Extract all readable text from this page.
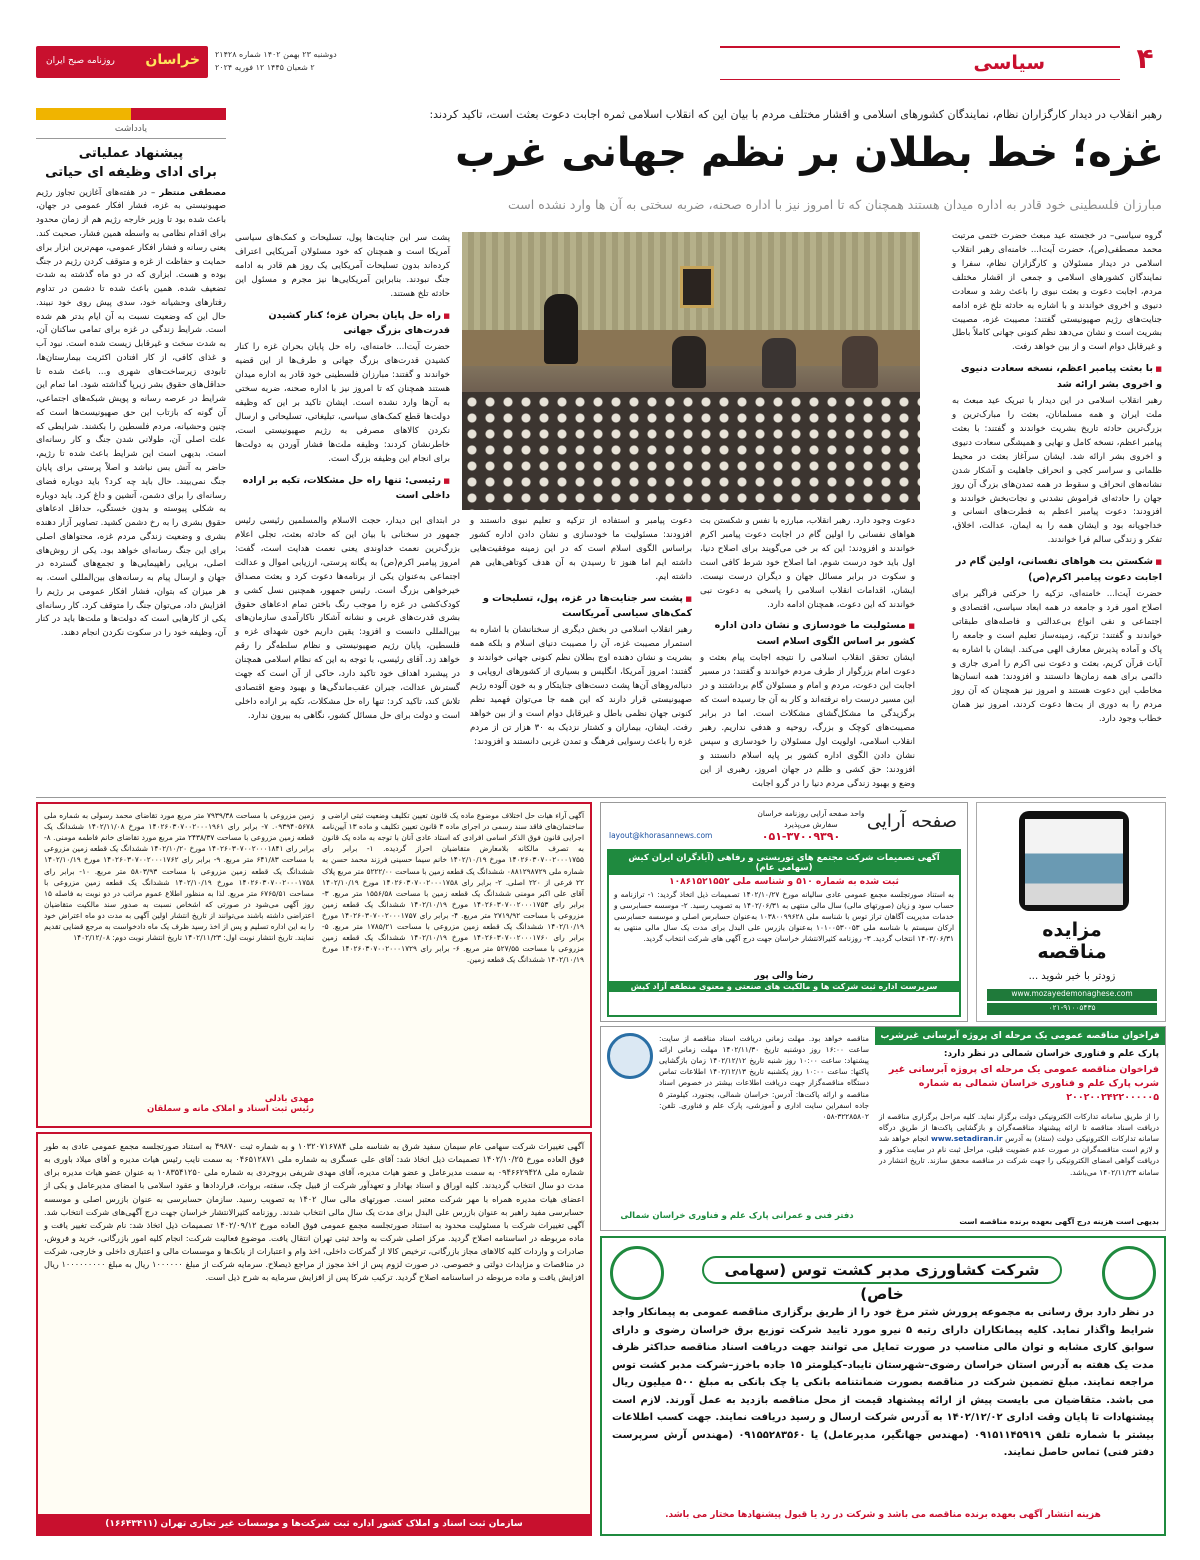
۴
سیاسی
دوشنبه ۲۳ بهمن ۱۴۰۲ شماره ۲۱۴۲۸
۲ شعبان ۱۴۴۵ ۱۲ فوریه ۲۰۲۴
خراسان
روزنامه صبح ایران
رهبر انقلاب در دیدار کارگزاران نظام، نمایندگان کشورهای اسلامی و اقشار مختلف مردم با بیان این که انقلاب اسلامی ثمره اجابت دعوت بعثت است، تاکید کردند:
غزه؛ خط بطلان بر نظم جهانی غرب
مبارزان فلسطینی خود قادر به اداره میدان هستند همچنان که تا امروز نیز با اداره صحنه، ضربه سختی به آن ها وارد نشده است

گروه سیاسی– در خجسته عید مبعث حضرت ختمی مرتبت محمد مصطفی(ص)، حضرت آیت‌ا... خامنه‌ای رهبر انقلاب اسلامی در دیدار مسئولان و کارگزاران نظام، سفرا و نمایندگان کشورهای اسلامی و جمعی از اقشار مختلف مردم، اجابت دعوت و بعثت نبوی را باعث رشد و سعادت دنیوی و اخروی خواندند و با اشاره به حادثه تلخ غزه ادامه جنایت‌های رژیم صهیونیستی گفتند: مصیبت غزه، مصیبت بشریت است و نشان می‌دهد نظم کنونی جهانی کاملاً باطل و غیرقابل دوام است و از بین خواهد رفت.

■ با بعثت پیامبر اعظم، نسخه سعادت دنیوی و اخروی بشر ارائه شد

رهبر انقلاب اسلامی در این دیدار با تبریک عید مبعث به ملت ایران و همه مسلمانان، بعثت را مبارک‌ترین و بزرگ‌ترین حادثه تاریخ بشریت خواندند و گفتند: با بعثت پیامبر اعظم، نسخه کامل و نهایی و همیشگی سعادت دنیوی و اخروی بشر ارائه شد. ایشان سرآغاز بعثت در محیط ظلمانی و سراسر کجی و انحراف جاهلیت و آشکار شدن نشانه‌های انحراف و سقوط در همه تمدن‌های بزرگ آن روز جهان را حادثه‌ای فراموش نشدنی و نجات‌بخش خواندند و افزودند: دعوت پیامبر اعظم به فطرت‌های انسانی و خدا‌جویانه بود و ایشان همه را به ایمان، عدالت، اخلاق، تفکر و زندگی سالم فرا خواندند.

■ شکستن بت هوا‌های نفسانی، اولین گام در اجابت دعوت پیامبر اکرم(ص)

حضرت آیت‌ا... خامنه‌ای، تزکیه را حرکتی فراگیر برای اصلاح امور فرد و جامعه در همه ابعاد سیاسی، اقتصادی و اجتماعی و نفی انواع بی‌عدالتی و فاصله‌های طبقاتی خواندند و گفتند: تزکیه، زمینه‌ساز تعلیم است و جامعه را پاک و آماده پذیرش معارف الهی می‌کند. ایشان با اشاره به آیات قرآن کریم، بعثت و دعوت نبی اکرم را امری جاری و دائمی برای همه زمان‌ها دانستند و افزودند: همه انسان‌ها مخاطب این دعوت هستند و امروز نیز همچنان که آن روز مردم را به دوری از بت‌ها دعوت کردند، امروز نیز همان خطاب وجود دارد.

پشت سر این جنایت‌ها پول، تسلیحات و کمک‌های سیاسی آمریکا است و همچنان که خود مسئولان آمریکایی اعتراف کرده‌اند بدون تسلیحات آمریکایی یک روز هم قادر به ادامه جنگ نبودند. بنابراین آمریکایی‌ها نیز مجرم و مسئول این حادثه تلخ هستند.

■ راه حل پایان بحران غزه؛ کنار کشیدن قدرت‌های بزرگ جهانی

حضرت آیت‌ا... خامنه‌ای، راه حل پایان بحران غزه را کنار کشیدن قدرت‌های بزرگ جهانی و طرف‌ها از این قضیه خواندند و گفتند: مبارزان فلسطینی خود قادر به اداره میدان هستند همچنان که تا امروز نیز با اداره صحنه، ضربه سختی به آن‌ها وارد نشده است. ایشان تاکید بر این که وظیفه دولت‌ها قطع کمک‌های سیاسی، تبلیغاتی، تسلیحاتی و ارسال نکردن کالاهای مصرفی به رژیم صهیونیستی است، خاطرنشان کردند: وظیفه ملت‌ها فشار آوردن به دولت‌ها برای انجام این وظیفه بزرگ است.

■ رئیسی: تنها راه حل مشکلات، تکیه بر اراده داخلی است

دعوت وجود دارد. رهبر انقلاب، مبارزه با نفس و شکستن بت هواهای نفسانی را اولین گام در اجابت دعوت پیامبر اکرم خواندند و افزودند: این که بر خی می‌گویند برای اصلاح دنیا، اول باید خود درست شوم، اما اصلاح خود شرط کافی است و سکوت در برابر مسائل جهان و دیگران درست نیست. ایشان، اقدامات انقلاب اسلامی را پاسخی به دعوت نبی خواندند که این دعوت، همچنان ادامه دارد.

■ مسئولیت ما خودسازی و نشان دادن اداره کشور بر اساس الگوی اسلام است

ایشان تحقق انقلاب اسلامی را نتیجه اجابت پیام بعثت و دعوت امام بزرگوار از طرف مردم خواندند و گفتند: در مسیر اجابت این دعوت، مردم و امام و مسئولان گام برداشتند و در این مسیر درست راه نرفته‌اند و کار به آن جا رسیده است که برگزیدگی ما مشکل‌گشای مشکلات است. اما در برابر مصیبت‌های کوچک و بزرگ، روحیه و هدفی نداریم. رهبر انقلاب اسلامی، اولویت اول مسئولان را خودسازی و سپس نشان دادن الگوی اداره کشور بر پایه اسلام دانستند و افزودند: حق کشی و ظلم در جهان امروز، رهبری از این وضع و بهبود زندگی مردم دنیا را در گرو اجابت

دعوت پیامبر و استفاده از تزکیه و تعلیم نبوی دانستند و افزودند: مسئولیت ما خودسازی و نشان دادن اداره کشور براساس الگوی اسلام است که در این زمینه موفقیت‌هایی داشته ایم اما هنوز تا رسیدن به آن هدف کوتاهی‌هایی هم داشته ایم.

■ پشت سر جنایت‌ها در غزه، پول، تسلیحات و کمک‌های سیاسی آمریکاست

رهبر انقلاب اسلامی در بخش دیگری از سخنانشان با اشاره به استمرار مصیبت غزه، آن را مصیبت دنیای اسلام و بلکه همه بشریت و نشان دهنده اوج بطلان نظم کنونی جهانی خواندند و گفتند: امروز آمریکا، انگلیس و بسیاری از کشورهای اروپایی و دنباله‌روهای آن‌ها پشت دست‌های جنایتکار و به خون آلوده رژیم صهیونیستی قرار دارند که این همه جا می‌توان فهمید نظم کنونی جهان نظمی باطل و غیرقابل دوام است و از بین خواهد رفت. ایشان، بیماران و کشتار نزدیک به ۳۰ هزار تن از مردم غزه را باعث رسوایی فرهنگ و تمدن غربی دانستند و افزودند:

در ابتدای این دیدار، حجت الاسلام والمسلمین رئیسی رئیس جمهور در سخنانی با بیان این که حادثه بعثت، تجلی اعلام بزرگ‌ترین نعمت خداوندی یعنی نعمت هدایت است، گفت: امروز پیامبر اکرم(ص) به یگانه پرستی، ارزیابی اموال و عدالت اجتماعی به‌عنوان یکی از برنامه‌ها دعوت کرد و بعثت مصداق خیرخواهی بزرگ است. رئیس جمهور، همچنین نسل کشی و کودک‌کشی در غزه را موجب رنگ باختن تمام ادعاهای حقوق بشری قدرت‌های غربی و نشانه آشکار ناکارآمدی سازمان‌های بین‌المللی دانست و افزود: یقین داریم خون شهدای غزه و فلسطین، پایان رژیم صهیونیستی و نظام سلطه‌گر را رقم خواهد زد. آقای رئیسی، با توجه به این که نظام اسلامی همچنان در پیشبرد اهداف خود تاکید دارد، حاکی از آن است که جهت گسترش عدالت، جبران عقب‌ماندگی‌ها و بهبود وضع اقتصادی تلاش کند، تاکید کرد: تنها راه حل مشکلات، تکیه بر اراده داخلی است و دولت برای حل مسائل کشور، نگاهی به بیرون ندارد.

یادداشت
پیشنهاد عملیاتی
برای ادای وظیفه ای حیاتی

مصطفی منتظر – در هفته‌های آغازین تجاوز رژیم صهیونیستی به غزه، فشار افکار عمومی در جهان، باعث شده بود تا وزیر خارجه رژیم هم از زمان محدود برای اقدام نظامی به واسطه همین فشار، صحبت کند. یعنی رسانه و فشار افکار عمومی، مهم‌ترین ابزار برای حمایت و حفاظت از غزه و متوقف کردن رژیم در جنگ بوده و هست. ابزاری که در دو ماه گذشته به شدت تضعیف شده. همین باعث شده تا دشمن در تداوم رفتارهای وحشیانه خود، سدی پیش روی خود نبیند. حال این که وضعیت نسبت به آن ایام بدتر هم شده است. شرایط زندگی در غزه برای تمامی ساکنان آن، به شدت سخت و غیرقابل زیست شده است. نبود آب و غذای کافی، از کار افتادن اکثریت بیمارستان‌ها، تابودی زیرساخت‌های شهری و... باعث شده تا حداقل‌های حقوق بشر زیرپا گذاشته شود. اما تمام این شرایط در عرصه رسانه و پویش شبکه‌های اجتماعی، آن گونه که بازتاب این حق صهیونیست‌ها است که چنین وحشیانه، مردم فلسطین را بکشند. شرایطی که علت اصلی آن، طولانی شدن جنگ و کار رسانه‌ای است. بدیهی است این شرایط باعث شده تا رژیم، حاضر به آتش بس نباشد و اصلاً پرستی برای پایان جنگ نمی‌بیند. حال باید چه کرد؟ باید دوباره فضای رسانه‌ای را برای دشمن، آتشین و داغ کرد. باید دوباره به شکلی پیوسته و بدون خستگی، حداقل ادعاهای حقوق بشری را به رخ دشمن کشید. تصاویر آزار دهنده بشری و وضعیت زندگی مردم غزه، محتواهای اصلی برای این جنگ رسانه‌ای خواهد بود. یکی از روش‌های اصلی، برپایی راهپیمایی‌ها و تجمع‌های گسترده در جهان و ارسال پیام به رسانه‌های بین‌المللی است. به هر میزان که بتوان، فشار افکار عمومی بر رژیم را افزایش داد، می‌توان جنگ را متوقف کرد. کار رسانه‌ای یکی از کارهایی است که دولت‌ها و ملت‌ها باید در کنار آن، وظیفه خود را در سکوت نکردن انجام دهند.

مزایده
مناقصه
زودتر با خبر شوید ...
www.mozayedemonaghese.com
۰۲۱-۹۱۰۰۵۴۳۵
صفحه آرایی
واحد صفحه آرایی روزنامه خراسان
سفارش می‌پذیرد
layout@khorasannews.com	۰۵۱-۳۷۰۰۹۳۹۰
آگهی تصمیمات شرکت مجتمع های توریستی و رفاهی (آبادگران ایران کیش (سهامی عام)
ثبت شده به شماره ۵۱۰ و شناسه ملی ۱۰۸۶۱۵۲۱۵۵۲

به استناد صورتجلسه مجمع عمومی عادی سالیانه مورخ ۱۴۰۲/۱۰/۲۷ تصمیمات ذیل اتخاذ گردید: ۱- ترازنامه و حساب سود و زیان (صورتهای مالی) سال مالی منتهی به ۱۴۰۲/۰۶/۳۱ به تصویب رسید. ۲- موسسه حسابرسی و خدمات مدیریت آگاهان تراز توس با شناسه ملی ۱۰۳۸۰۰۹۹۶۲۸ به‌عنوان حسابرس اصلی و موسسه حسابرسی ارکان سیستم با شناسه ملی ۱۰۱۰۰۵۳۰۰۵۳ به‌عنوان بازرس علی البدل برای مدت یک سال مالی منتهی به ۱۴۰۳/۰۶/۳۱ انتخاب گردید. ۳- روزنامه کثیرالانتشار خراسان جهت درج آگهی های شرکت انتخاب گردید.

رضا والی پور
سرپرست اداره ثبت شرکت ها و مالکیت های صنعتی و معنوی منطقه آزاد کیش
فراخوان مناقصه عمومی یک مرحله ای پروژه آبرسانی غیرشرب
پارک علم و فناوری خراسان شمالی در نظر دارد:
فراخوان مناقصه عمومی یک مرحله ای پروژه آبرسانی غیر شرب پارک علم و فناوری خراسان شمالی به شماره ۲۰۰۲۰۰۲۴۲۲۰۰۰۰۰۵

را از طریق سامانه تدارکات الکترونیکی دولت برگزار نماید. کلیه مراحل برگزاری مناقصه از دریافت اسناد مناقصه تا ارائه پیشنهاد مناقصه‌گران و بازگشایی پاکت‌ها از طریق درگاه سامانه تدارکات الکترونیکی دولت (ستاد) به آدرس www.setadiran.ir انجام خواهد شد و لازم است مناقصه‌گران در صورت عدم عضویت قبلی، مراحل ثبت نام در سایت مذکور و دریافت گواهی امضای الکترونیکی را جهت شرکت در مناقصه محقق سازند. تاریخ انتشار در سامانه ۱۴۰۲/۱۱/۲۳ می‌باشد.

بدیهی است هزینه درج آگهی بعهده برنده مناقصه است

مناقصه خواهد بود. مهلت زمانی دریافت اسناد مناقصه از سایت: ساعت ۱۶:۰۰ روز دوشنبه تاریخ ۱۴۰۲/۱۱/۳۰ مهلت زمانی ارائه پیشنهاد: ساعت ۱۰:۰۰ روز شنبه تاریخ ۱۴۰۲/۱۲/۱۲ زمان بازگشایی پاکتها: ساعت ۱۰:۰۰ روز یکشنبه تاریخ ۱۴۰۲/۱۲/۱۳ اطلاعات تماس دستگاه مناقصه‌گزار جهت دریافت اطلاعات بیشتر در خصوص اسناد مناقصه و ارائه پاکت‌ها: آدرس: خراسان شمالی، بجنورد، کیلومتر ۵ جاده اسفراین سایت اداری و آموزشی، پارک علم و فناوری. تلفن: ۳۲۲۸۵۸۰۲-۰۵۸

دفتر فنی و عمرانی پارک علم و فناوری خراسان شمالی
شرکت کشاورزی مدبر کشت توس (سهامی خاص)

در نظر دارد برق رسانی به مجموعه پرورش شتر مرغ خود را از طریق برگزاری مناقصه عمومی به پیمانکار واجد شرایط واگذار نماید. کلیه پیمانکاران دارای رتبه ۵ نیرو مورد تایید شرکت توزیع برق خراسان رضوی و دارای سوابق کاری مشابه و توان مالی مناسب در صورت تمایل می توانند جهت دریافت اسناد مناقصه حداکثر ظرف مدت یک هفته به آدرس استان خراسان رضوی–شهرستان تایباد–کیلومتر ۱۵ جاده باخرز–شرکت مدبر کشت توس مراجعه نمایند. مبلغ تضمین شرکت در مناقصه بصورت ضمانتنامه بانکی یا چک بانکی به مبلغ ۵۰۰ میلیون ریال می باشد. متقاضیان می بایست پیش از ارائه پیشنهاد قیمت از محل مناقصه بازدید به عمل آورند. لازم است پیشنهادات تا پایان وقت اداری ۱۴۰۲/۱۲/۰۲ به آدرس شرکت ارسال و رسید دریافت نمایند. جهت کسب اطلاعات بیشتر با شماره تلفن ۰۹۱۵۱۱۴۵۹۱۹ (مهندس جهانگیر، مدیرعامل) یا ۰۹۱۵۵۲۸۳۵۶۰ (مهندس آرش سرپرست دفتر فنی) تماس حاصل نمایند.

هزینه انتشار آگهی بعهده برنده مناقصه می باشد و شرکت در رد یا قبول پیشنهادها مختار می باشد.

آگهی آراء هیات حل اختلاف موضوع ماده یک قانون تعیین تکلیف وضعیت ثبتی اراضی و ساختمان‌های فاقد سند رسمی در اجرای ماده ۳ قانون تعیین تکلیف و ماده ۱۳ آیین‌نامه اجرایی قانون فوق الذکر اسامی افرادی که استاد عادی آنان با توجه به ماده یک قانون به تصرف مالکانه بلامعارض متقاضیان احراز گردیده. ۱- برابر رای ۱۴۰۲۶۰۳۰۷۰۰۲۰۰۰۱۷۵۵ مورخ ۱۴۰۲/۱۰/۱۹ خانم سیما حسینی فرزند محمد حسن به شماره ملی ۰۸۸۱۲۹۸۷۲۹ ششدانگ یک قطعه زمین با مساحت ۵۲۲۲/۰۰ متر مربع پلاک ۲۲ فرعی از ۲۲۰ اصلی. ۲- برابر رای ۱۴۰۲۶۰۳۰۷۰۰۲۰۰۰۱۷۵۸ مورخ ۱۴۰۲/۱۰/۱۹ آقای علی اکبر مومنی ششدانگ یک قطعه زمین با مساحت ۱۵۵۶/۵۸ متر مربع. ۳- برابر رای ۱۴۰۲۶۰۳۰۷۰۰۲۰۰۰۱۷۵۳ مورخ ۱۴۰۲/۱۰/۱۹ ششدانگ یک قطعه زمین مزروعی با مساحت ۲۷۱۹/۹۲ متر مربع. ۴- برابر رای ۱۴۰۲۶۰۳۰۷۰۰۲۰۰۰۱۷۵۷ مورخ ۱۴۰۲/۱۰/۱۹ ششدانگ یک قطعه زمین مزروعی با مساحت ۱۷۸۵/۲۱ متر مربع. ۵- برابر رای ۱۴۰۲۶۰۳۰۷۰۰۲۰۰۰۱۷۶۰ مورخ ۱۴۰۲/۱۰/۱۹ ششدانگ یک قطعه زمین مزروعی با مساحت ۵۲۷/۵۵ متر مربع. ۶- برابر رای ۱۴۰۲۶۰۳۰۷۰۰۲۰۰۰۱۷۲۹ مورخ ۱۴۰۲/۱۰/۱۹ ششدانگ یک قطعه زمین.

زمین مزروعی با مساحت ۷۹۳۹/۳۸ متر مربع مورد تقاضای محمد رسولی به شماره ملی ۰۹۳۹۴۰۵۶۷۸. ۷- برابر رای ۱۴۰۲۶۰۳۰۷۰۰۲۰۰۰۱۹۶۱ مورخ ۱۴۰۲/۱۱/۰۸ ششدانگ یک قطعه زمین مزروعی با مساحت ۲۴۳۸/۳۷ متر مربع مورد تقاضای خانم فاطمه مومنی. ۸- برابر رای ۱۴۰۲۶۰۳۰۷۰۰۲۰۰۰۱۸۴۱ مورخ ۱۴۰۲/۱۰/۲۰ ششدانگ یک قطعه زمین مزروعی با مساحت ۶۴۱/۸۳ متر مربع. ۹- برابر رای ۱۴۰۲۶۰۳۰۷۰۰۲۰۰۰۱۷۶۲ مورخ ۱۴۰۲/۱۰/۱۹ ششدانگ یک قطعه زمین مزروعی با مساحت ۵۸۰۳/۹۳ متر مربع. ۱۰- برابر رای ۱۴۰۲۶۰۳۰۷۰۰۲۰۰۰۱۷۵۸ مورخ ۱۴۰۲/۱۰/۱۹ ششدانگ یک قطعه زمین مزروعی با مساحت ۶۷۶۵/۵۱ متر مربع. لذا به منظور اطلاع عموم مراتب در دو نوبت به فاصله ۱۵ روز آگهی می‌شود در صورتی که اشخاص نسبت به صدور سند مالکیت متقاضیان اعتراضی داشته باشند می‌توانند از تاریخ انتشار اولین آگهی به مدت دو ماه اعتراض خود را به این اداره تسلیم و پس از اخذ رسید ظرف یک ماه دادخواست به مرجع قضایی تقدیم نمایند. تاریخ انتشار نوبت اول: ۱۴۰۲/۱۱/۲۳ تاریخ انتشار نوبت دوم: ۱۴۰۲/۱۲/۰۸

مهدی بادلی
رئیس ثبت اسناد و املاک مانه و سملقان

آگهی تغییرات شرکت سهامی عام سیمان سفید شرق به شناسه ملی ۱۰۳۲۰۷۱۶۷۸۴ و به شماره ثبت ۴۹۸۷۰ به استناد صورتجلسه مجمع عمومی عادی به طور فوق العاده مورخ ۱۴۰۲/۱۰/۲۵ تصمیمات ذیل اتخاذ شد: آقای علی عسگری به شماره ملی ۰۴۶۵۱۲۸۷۱ به سمت نایب رئیس هیات مدیره و آقای میلاد باوری به شماره ملی ۰۹۴۶۶۲۹۴۲۸ به سمت مدیرعامل و عضو هیات مدیره، آقای مهدی شریفی بروجردی به شماره ملی ۱۰۸۳۵۴۱۲۵۰ به عنوان عضو هیات مدیره برای مدت دو سال انتخاب گردیدند. کلیه اوراق و اسناد بهادار و تعهدآور شرکت از قبیل چک، سفته، بروات، قراردادها و عقود اسلامی با امضای مدیرعامل و یکی از اعضای هیات مدیره همراه با مهر شرکت معتبر است. صورتهای مالی سال ۱۴۰۲ به تصویب رسید. سازمان حسابرسی به عنوان بازرس اصلی و موسسه حسابرسی مفید راهبر به عنوان بازرس علی البدل برای مدت یک سال مالی انتخاب شدند. روزنامه کثیرالانتشار خراسان جهت درج آگهی‌های شرکت انتخاب شد. آگهی تغییرات شرکت با مسئولیت محدود به استناد صورتجلسه مجمع عمومی فوق العاده مورخ ۱۴۰۲/۰۹/۱۲ تصمیمات ذیل اتخاذ شد: نام شرکت تغییر یافت و ماده مربوطه در اساسنامه اصلاح گردید. مرکز اصلی شرکت به واحد ثبتی تهران انتقال یافت. موضوع فعالیت شرکت: انجام کلیه امور بازرگانی، خرید و فروش، صادرات و واردات کلیه کالاهای مجاز بازرگانی، ترخیص کالا از گمرکات داخلی، اخذ وام و اعتبارات از بانک‌ها و موسسات مالی و اعتباری داخلی و خارجی، شرکت در مناقصات و مزایدات دولتی و خصوصی. در صورت لزوم پس از اخذ مجوز از مراجع ذیصلاح. سرمایه شرکت از مبلغ ۱۰۰۰۰۰۰ ریال به مبلغ ۱۰۰۰۰۰۰۰۰۰ ریال افزایش یافت و ماده مربوطه در اساسنامه اصلاح گردید. ترکیب شرکا پس از افزایش سرمایه به شرح ذیل است.

سازمان ثبت اسناد و املاک کشور اداره ثبت شرکت‌ها و موسسات غیر تجاری تهران (۱۶۶۴۳۴۱۱)
